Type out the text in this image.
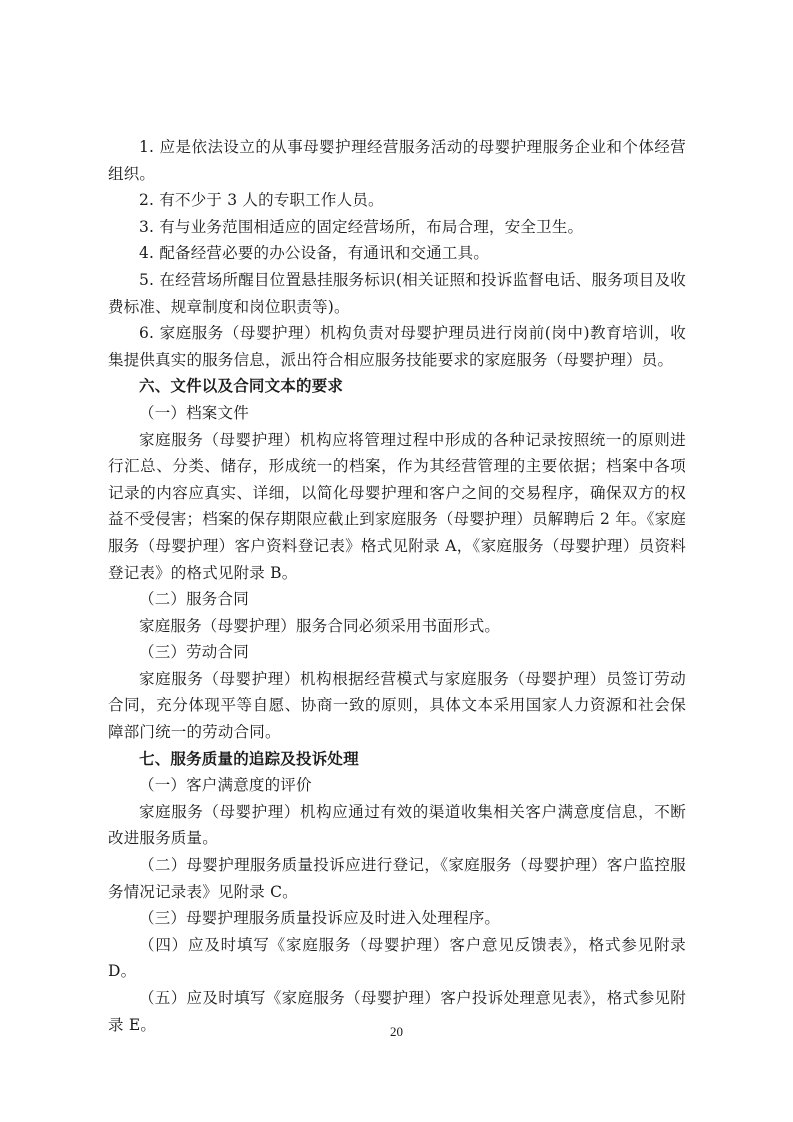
1. 应是依法设立的从事母婴护理经营服务活动的母婴护理服务企业和个体经营组织。

2. 有不少于 3 人的专职工作人员。

3. 有与业务范围相适应的固定经营场所，布局合理，安全卫生。

4. 配备经营必要的办公设备，有通讯和交通工具。

5. 在经营场所醒目位置悬挂服务标识(相关证照和投诉监督电话、服务项目及收费标准、规章制度和岗位职责等)。

6. 家庭服务（母婴护理）机构负责对母婴护理员进行岗前(岗中)教育培训，收集提供真实的服务信息，派出符合相应服务技能要求的家庭服务（母婴护理）员。

六、文件以及合同文本的要求

（一）档案文件

家庭服务（母婴护理）机构应将管理过程中形成的各种记录按照统一的原则进行汇总、分类、储存，形成统一的档案，作为其经营管理的主要依据；档案中各项记录的内容应真实、详细，以简化母婴护理和客户之间的交易程序，确保双方的权益不受侵害；档案的保存期限应截止到家庭服务（母婴护理）员解聘后 2 年。《家庭服务（母婴护理）客户资料登记表》格式见附录 A，《家庭服务（母婴护理）员资料登记表》的格式见附录 B。

（二）服务合同

家庭服务（母婴护理）服务合同必须采用书面形式。

（三）劳动合同

家庭服务（母婴护理）机构根据经营模式与家庭服务（母婴护理）员签订劳动合同，充分体现平等自愿、协商一致的原则，具体文本采用国家人力资源和社会保障部门统一的劳动合同。

七、服务质量的追踪及投诉处理

（一）客户满意度的评价

家庭服务（母婴护理）机构应通过有效的渠道收集相关客户满意度信息，不断改进服务质量。

（二）母婴护理服务质量投诉应进行登记，《家庭服务（母婴护理）客户监控服务情况记录表》见附录 C。

（三）母婴护理服务质量投诉应及时进入处理程序。

（四）应及时填写《家庭服务（母婴护理）客户意见反馈表》，格式参见附录 D。

（五）应及时填写《家庭服务（母婴护理）客户投诉处理意见表》，格式参见附录 E。	20
